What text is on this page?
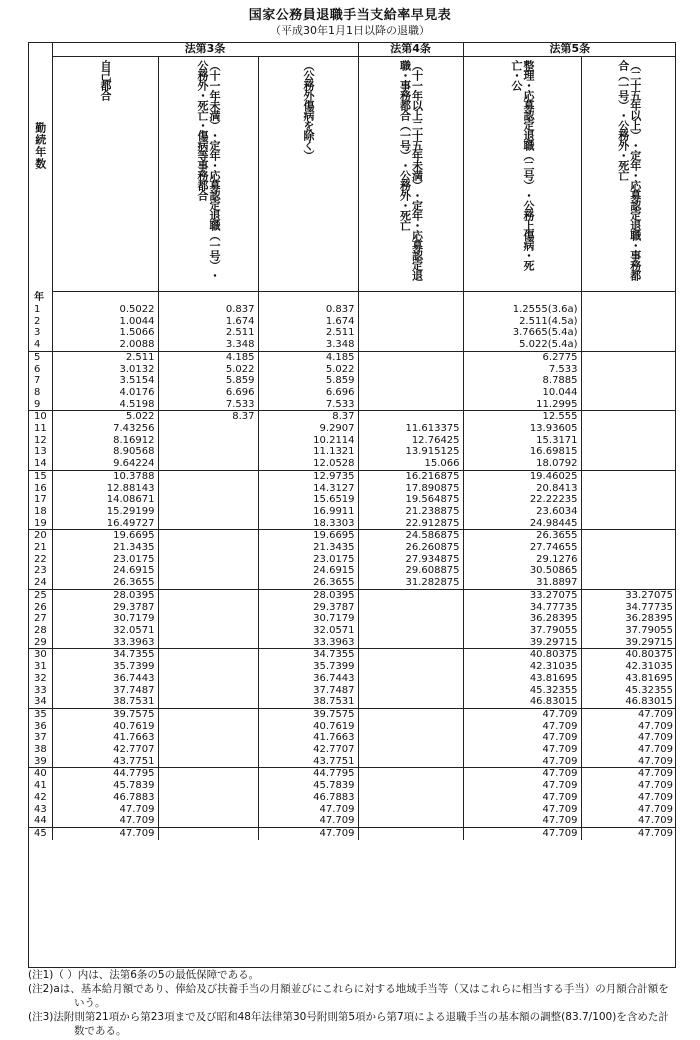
国家公務員退職手当支給率早見表
（平成30年1月1日以降の退職）
勤続年数	法第3条			法第4条	法第5条	

	自己都合	︵十一年未満︶・定年・応募認定退職︵一号︶・公務外・死亡・傷病等事務都合	︵公務外傷病を除く︶	︵十一年以上二十五年未満︶・定年・応募認定退職・事務都合︵一号︶・公務外・死亡	整理・応募認定退職︵二号︶・公務上傷病・死亡・公	︵二十五年以上︶・定年・応募認定退職・事務都合︵一号︶・公務外・死亡

年						
1	0.5022	0.837	0.837		1.2555(3.6a)	
2	1.0044	1.674	1.674		2.511(4.5a)	
3	1.5066	2.511	2.511		3.7665(5.4a)	
4	2.0088	3.348	3.348		5.022(5.4a)	
5	2.511	4.185	4.185		6.2775	
6	3.0132	5.022	5.022		7.533	
7	3.5154	5.859	5.859		8.7885	
8	4.0176	6.696	6.696		10.044	
9	4.5198	7.533	7.533		11.2995	
10	5.022	8.37	8.37		12.555	
11	7.43256		9.2907	11.613375	13.93605	
12	8.16912		10.2114	12.76425	15.3171	
13	8.90568		11.1321	13.915125	16.69815	
14	9.64224		12.0528	15.066	18.0792	
15	10.3788		12.9735	16.216875	19.46025	
16	12.88143		14.3127	17.890875	20.8413	
17	14.08671		15.6519	19.564875	22.22235	
18	15.29199		16.9911	21.238875	23.6034	
19	16.49727		18.3303	22.912875	24.98445	
20	19.6695		19.6695	24.586875	26.3655	
21	21.3435		21.3435	26.260875	27.74655	
22	23.0175		23.0175	27.934875	29.1276	
23	24.6915		24.6915	29.608875	30.50865	
24	26.3655		26.3655	31.282875	31.8897	
25	28.0395		28.0395		33.27075	33.27075
26	29.3787		29.3787		34.77735	34.77735
27	30.7179		30.7179		36.28395	36.28395
28	32.0571		32.0571		37.79055	37.79055
29	33.3963		33.3963		39.29715	39.29715
30	34.7355		34.7355		40.80375	40.80375
31	35.7399		35.7399		42.31035	42.31035
32	36.7443		36.7443		43.81695	43.81695
33	37.7487		37.7487		45.32355	45.32355
34	38.7531		38.7531		46.83015	46.83015
35	39.7575		39.7575		47.709	47.709
36	40.7619		40.7619		47.709	47.709
37	41.7663		41.7663		47.709	47.709
38	42.7707		42.7707		47.709	47.709
39	43.7751		43.7751		47.709	47.709
40	44.7795		44.7795		47.709	47.709
41	45.7839		45.7839		47.709	47.709
42	46.7883		46.7883		47.709	47.709
43	47.709		47.709		47.709	47.709
44	47.709		47.709		47.709	47.709
45	47.709		47.709		47.709	47.709

(注1)（ ）内は、法第6条の5の最低保障である。

(注2)aは、基本給月額であり、俸給及び扶養手当の月額並びにこれらに対する地域手当等（又はこれらに相当する手当）の月額合計額をいう。

(注3)法附則第21項から第23項まで及び昭和48年法律第30号附則第5項から第7項による退職手当の基本額の調整(83.7/100)を含めた計数である。
